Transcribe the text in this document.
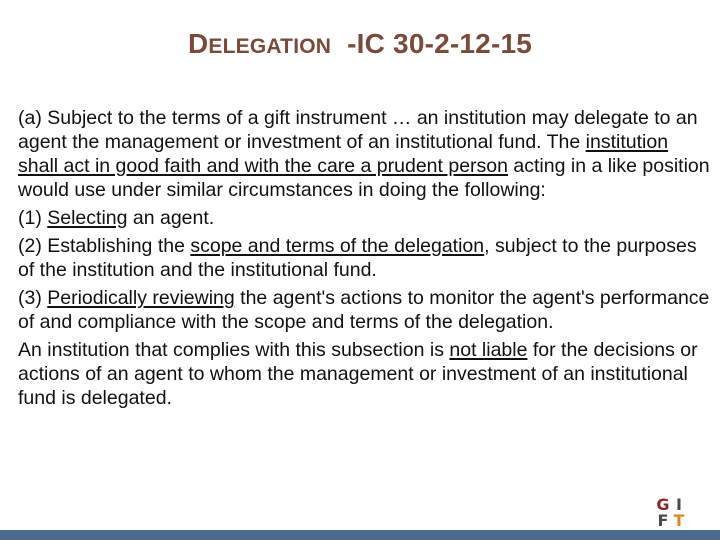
DELEGATION -IC 30-2-12-15

(a) Subject to the terms of a gift instrument … an institution may delegate to an agent the management or investment of an institutional fund. The institution shall act in good faith and with the care a prudent person acting in a like position would use under similar circumstances in doing the following:

(1) Selecting an agent.

(2) Establishing the scope and terms of the delegation, subject to the purposes of the institution and the institutional fund.

(3) Periodically reviewing the agent's actions to monitor the agent's performance of and compliance with the scope and terms of the delegation.

An institution that complies with this subsection is not liable for the decisions or actions of an agent to whom the management or investment of an institutional fund is delegated.

G I
F T
